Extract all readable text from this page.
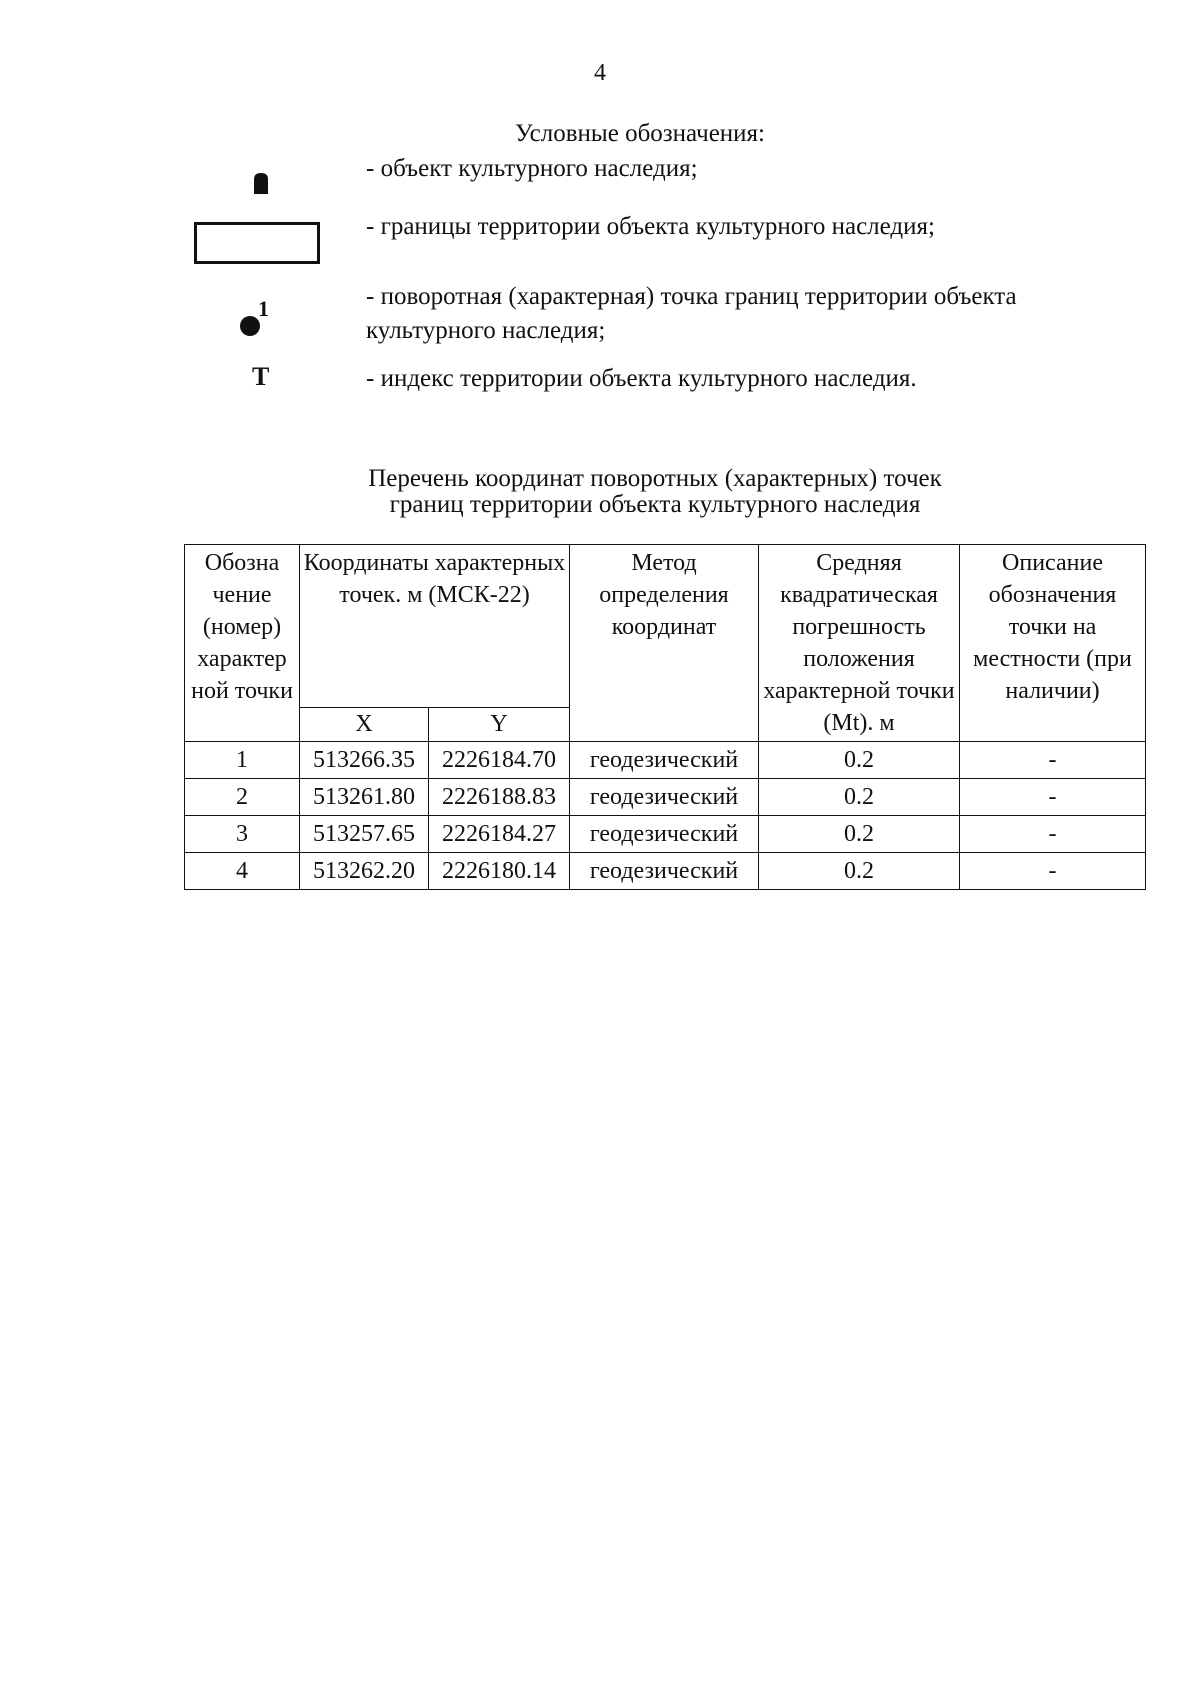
4
Условные обозначения:
- объект культурного наследия;
- границы территории объекта культурного наследия;
1	- поворотная (характерная) точка границ территории объекта культурного наследия;
Т	- индекс территории объекта культурного наследия.
Перечень координат поворотных (характерных) точек
границ территории объекта культурного наследия
Обозна чение (номер) характер ной точки	Координаты характерных точек. м (МСК-22)		Метод определения координат	Средняя квадратическая погрешность положения характерной точки (Mt). м	Описание обозначения точки на местности (при наличии)
	X	Y			
1	513266.35	2226184.70	геодезический	0.2	-
2	513261.80	2226188.83	геодезический	0.2	-
3	513257.65	2226184.27	геодезический	0.2	-
4	513262.20	2226180.14	геодезический	0.2	-
